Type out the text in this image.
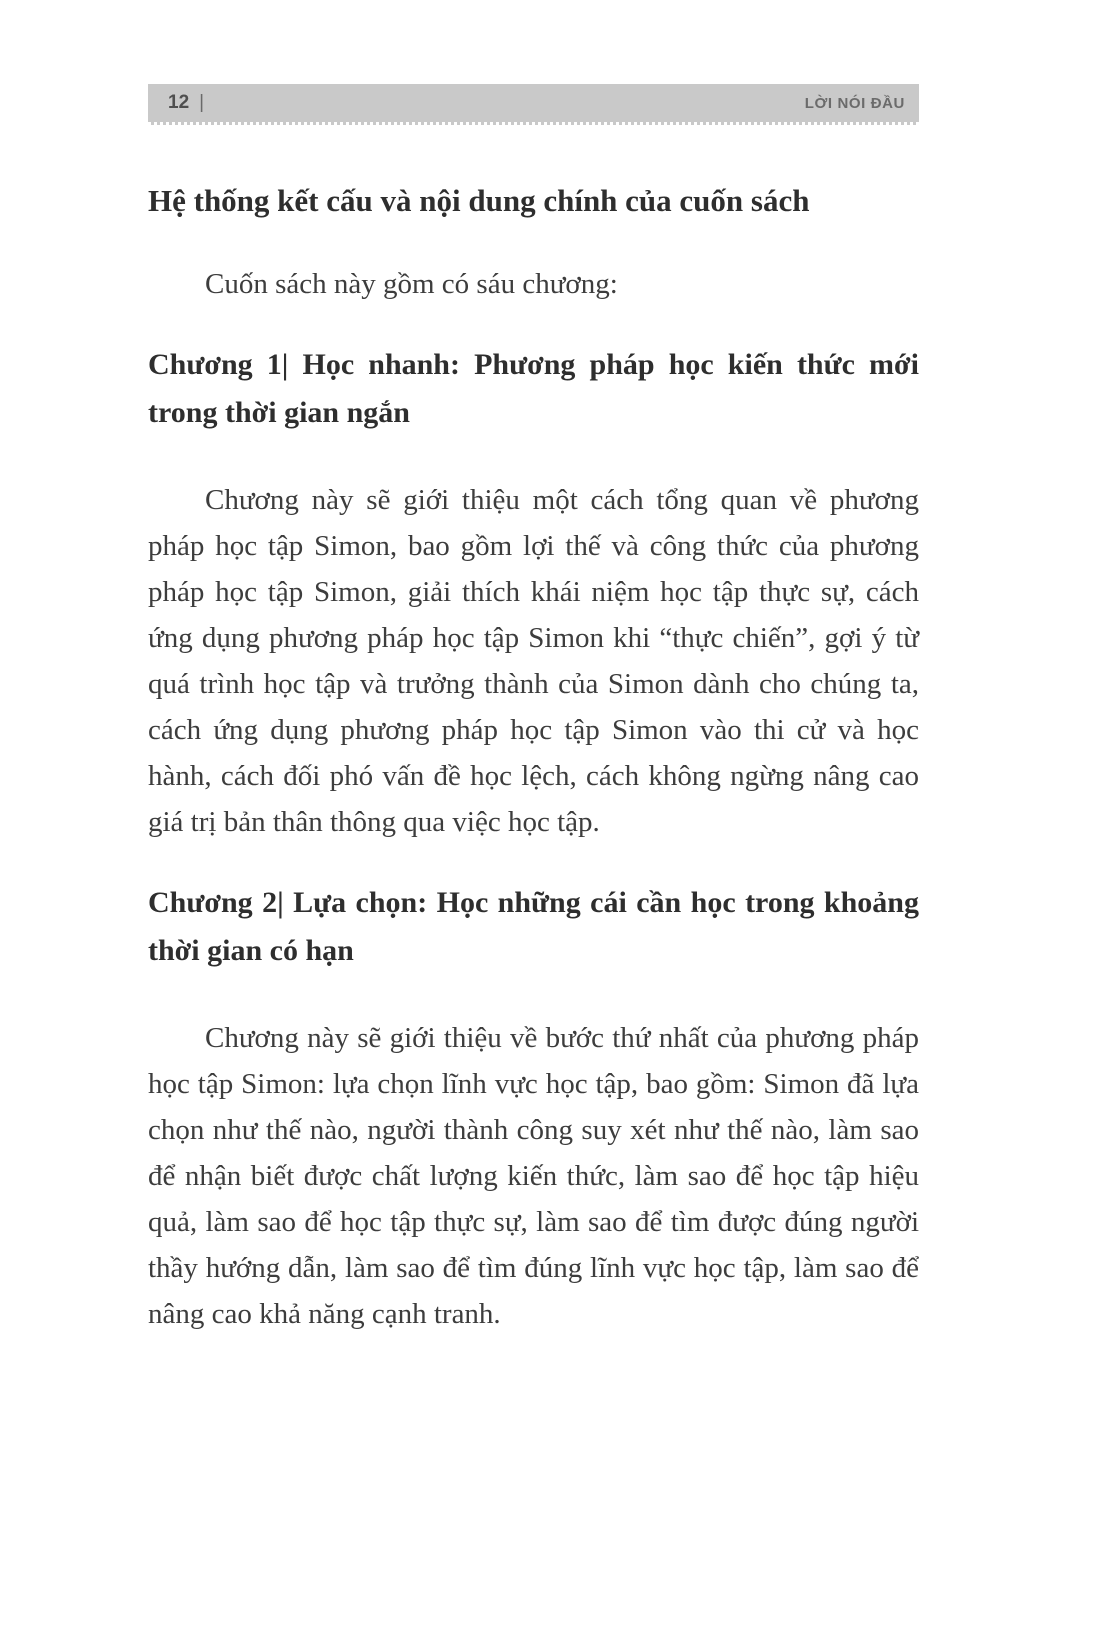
12 |	LỜI NÓI ĐẦU
Hệ thống kết cấu và nội dung chính của cuốn sách

Cuốn sách này gồm có sáu chương:

Chương 1| Học nhanh: Phương pháp học kiến thức mới trong thời gian ngắn

Chương này sẽ giới thiệu một cách tổng quan về phương pháp học tập Simon, bao gồm lợi thế và công thức của phương pháp học tập Simon, giải thích khái niệm học tập thực sự, cách ứng dụng phương pháp học tập Simon khi “thực chiến”, gợi ý từ quá trình học tập và trưởng thành của Simon dành cho chúng ta, cách ứng dụng phương pháp học tập Simon vào thi cử và học hành, cách đối phó vấn đề học lệch, cách không ngừng nâng cao giá trị bản thân thông qua việc học tập.

Chương 2| Lựa chọn: Học những cái cần học trong khoảng thời gian có hạn

Chương này sẽ giới thiệu về bước thứ nhất của phương pháp học tập Simon: lựa chọn lĩnh vực học tập, bao gồm: Simon đã lựa chọn như thế nào, người thành công suy xét như thế nào, làm sao để nhận biết được chất lượng kiến thức, làm sao để học tập hiệu quả, làm sao để học tập thực sự, làm sao để tìm được đúng người thầy hướng dẫn, làm sao để tìm đúng lĩnh vực học tập, làm sao để nâng cao khả năng cạnh tranh.
